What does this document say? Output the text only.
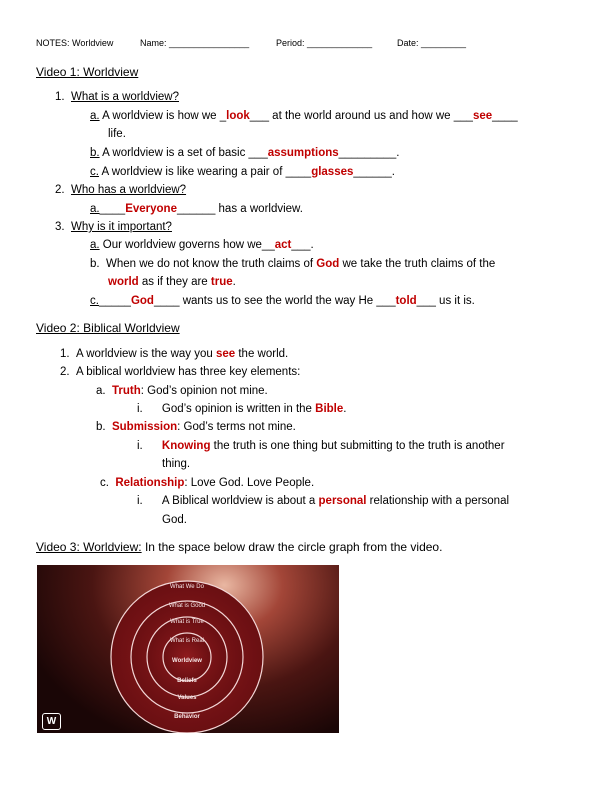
NOTES: Worldview	Name: ________________	Period: _____________	Date: _________
Video 1: Worldview
1. What is a worldview?
a. A worldview is how we _look___ at the world around us and how we ___see____
life.
b. A worldview is a set of basic ___assumptions_________.
c. A worldview is like wearing a pair of ____glasses______.
2. Who has a worldview?
a.____Everyone______ has a worldview.
3. Why is it important?
a. Our worldview governs how we__act___.
b. When we do not know the truth claims of God we take the truth claims of the
world as if they are true.
c._____God____ wants us to see the world the way He ___told___ us it is.
Video 2: Biblical Worldview
1. A worldview is the way you see the world.
2. A biblical worldview has three key elements:
a. Truth: God’s opinion not mine.
i. God’s opinion is written in the Bible.
b. Submission: God’s terms not mine.
i. Knowing the truth is one thing but submitting to the truth is another
thing.
c. Relationship: Love God. Love People.
i. A Biblical worldview is about a personal relationship with a personal
God.
Video 3: Worldview: In the space below draw the circle graph from the video.
What We Do
What is Good
What is True
What is Real
Worldview
Beliefs
Values
Behavior
W
